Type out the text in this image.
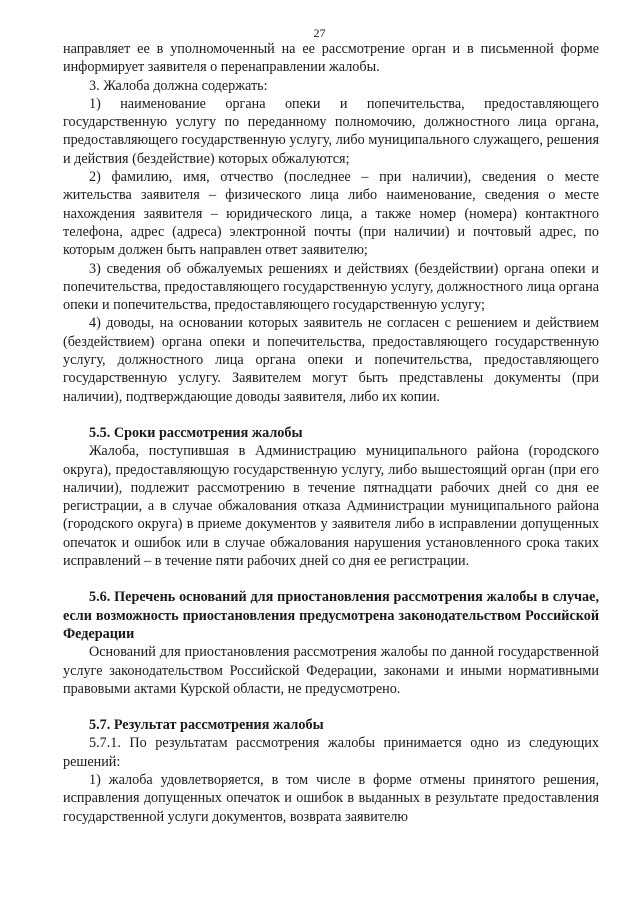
27

направляет ее в уполномоченный на ее рассмотрение орган и в письменной форме информирует заявителя о перенаправлении жалобы.

3. Жалоба должна содержать:

1) наименование органа опеки и попечительства, предоставляющего государственную услугу по переданному полномочию, должностного лица органа, предоставляющего государственную услугу, либо муниципального служащего, решения и действия (бездействие) которых обжалуются;

2) фамилию, имя, отчество (последнее – при наличии), сведения о месте жительства заявителя – физического лица либо наименование, сведения о месте нахождения заявителя – юридического лица, а также номер (номера) контактного телефона, адрес (адреса) электронной почты (при наличии) и почтовый адрес, по которым должен быть направлен ответ заявителю;

3) сведения об обжалуемых решениях и действиях (бездействии) органа опеки и попечительства, предоставляющего государственную услугу, должностного лица органа опеки и попечительства, предоставляющего государственную услугу;

4) доводы, на основании которых заявитель не согласен с решением и действием (бездействием) органа опеки и попечительства, предоставляющего государственную услугу, должностного лица органа опеки и попечительства, предоставляющего государственную услугу. Заявителем могут быть представлены документы (при наличии), подтверждающие доводы заявителя, либо их копии.

5.5. Сроки рассмотрения жалобы

Жалоба, поступившая в Администрацию муниципального района (городского округа), предоставляющую государственную услугу, либо вышестоящий орган (при его наличии), подлежит рассмотрению в течение пятнадцати рабочих дней со дня ее регистрации, а в случае обжалования отказа Администрации муниципального района (городского округа) в приеме документов у заявителя либо в исправлении допущенных опечаток и ошибок или в случае обжалования нарушения установленного срока таких исправлений – в течение пяти рабочих дней со дня ее регистрации.

5.6. Перечень оснований для приостановления рассмотрения жалобы в случае, если возможность приостановления предусмотрена законодательством Российской Федерации

Оснований для приостановления рассмотрения жалобы по данной государственной услуге законодательством Российской Федерации, законами и иными нормативными правовыми актами Курской области, не предусмотрено.

5.7. Результат рассмотрения жалобы

5.7.1. По результатам рассмотрения жалобы принимается одно из следующих решений:

1) жалоба удовлетворяется, в том числе в форме отмены принятого решения, исправления допущенных опечаток и ошибок в выданных в результате предоставления государственной услуги документов, возврата заявителю
